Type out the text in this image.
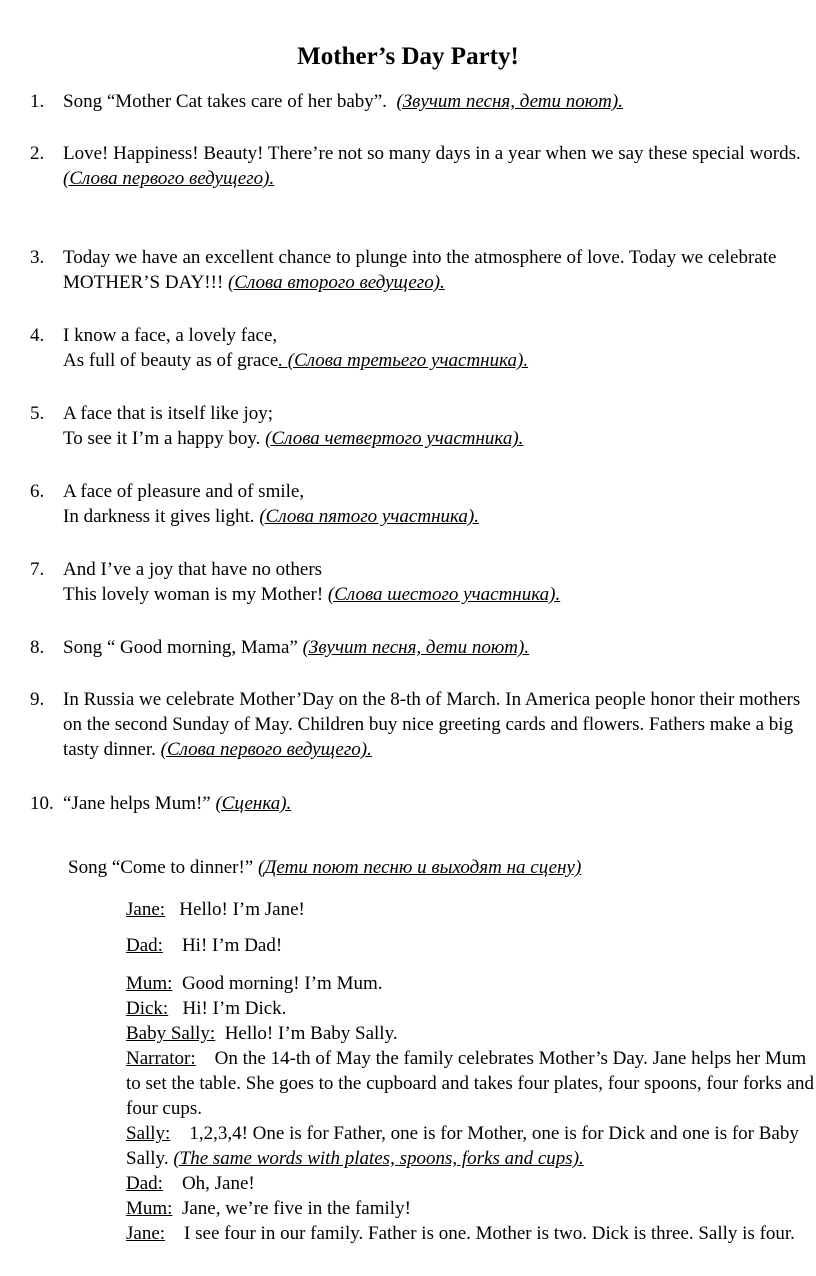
Mother’s Day Party!
1. Song “Mother Cat takes care of her baby”.  (Звучит песня, дети поют).
2. Love! Happiness! Beauty! There’re not so many days in a year when we say these special words. (Слова первого ведущего).
3. Today we have an excellent chance to plunge into the atmosphere of love. Today we celebrate MOTHER’S DAY!!! (Слова второго ведущего).
4. I know a face, a lovely face,
As full of beauty as of grace. (Слова третьего участника).
5. A face that is itself like joy;
To see it I’m a happy boy. (Слова четвертого участника).
6. A face of pleasure and of smile,
In darkness it gives light. (Слова пятого участника).
7. And I’ve a joy that have no others
This lovely woman is my Mother! (Слова шестого участника).
8. Song “ Good morning, Mama” (Звучит песня, дети поют).
9. In Russia we celebrate Mother’Day on the 8-th of March. In America people honor their mothers on the second Sunday of May. Children buy nice greeting cards and flowers. Fathers make a big tasty dinner. (Слова первого ведущего).
10. “Jane helps Mum!” (Сценка).
Song “Come to dinner!” (Дети поют песню и выходят на сцену)
Jane: Hello! I’m Jane!
Dad: Hi! I’m Dad!
Mum: Good morning! I’m Mum.
Dick: Hi! I’m Dick.
Baby Sally: Hello! I’m Baby Sally.
Narrator: On the 14-th of May the family celebrates Mother’s Day. Jane helps her Mum to set the table. She goes to the cupboard and takes four plates, four spoons, four forks and four cups.
Sally: 1,2,3,4! One is for Father, one is for Mother, one is for Dick and one is for Baby Sally. (The same words with plates, spoons, forks and cups).
Dad: Oh, Jane!
Mum: Jane, we’re five in the family!
Jane: I see four in our family. Father is one. Mother is two. Dick is three. Sally is four.
